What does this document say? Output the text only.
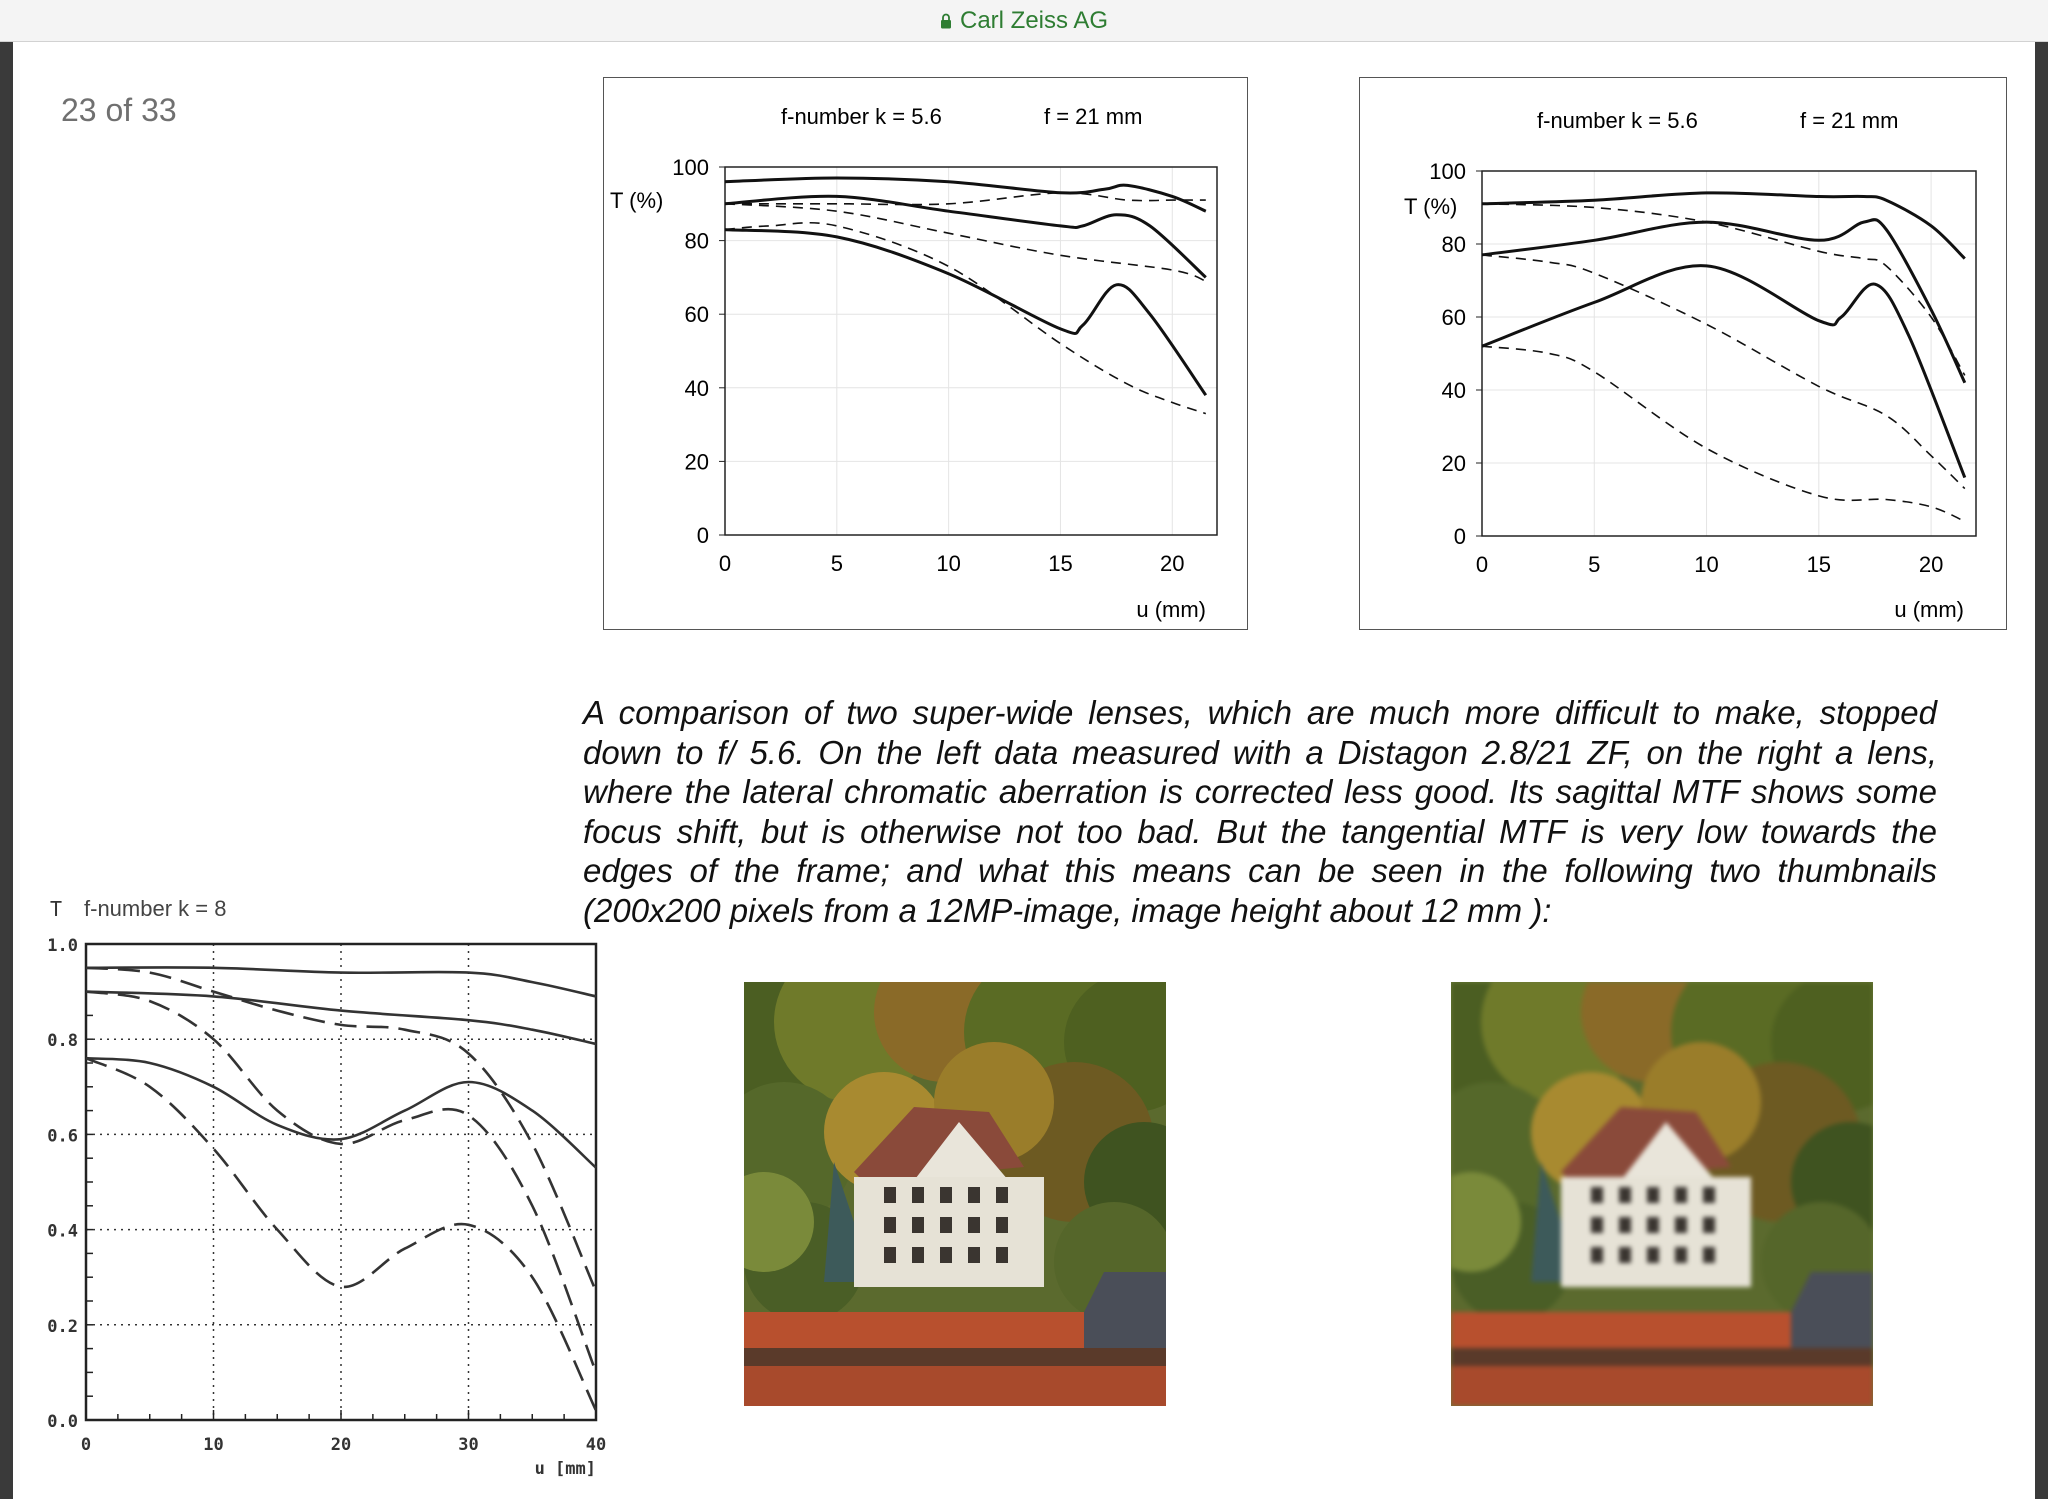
Carl Zeiss AG
23 of 33	f-number k = 5.6	f = 21 mm
0
20
40
60
80
100
0	5	10	15	20
T (%)
u (mm)
f-number k = 5.6	f = 21 mm
0
20
40
60
80
100
0	5	10	15	20
T (%)
u (mm)
A comparison of two super-wide lenses, which are much more difficult to make, stopped down to f/ 5.6. On the left data measured with a Distagon 2.8/21 ZF, on the right a lens, where the lateral chromatic aberration is corrected less good. Its sagittal MTF shows some focus shift, but is otherwise not too bad. But the tangential MTF is very low towards the edges of the frame; and what this means can be seen in the following two thumbnails (200x200 pixels from a 12MP-image, image height about 12 mm ):
T f-number k = 8
0.0
0.2
0.4
0.6
0.8
1.0
0	10	20	30	40
u [mm]
